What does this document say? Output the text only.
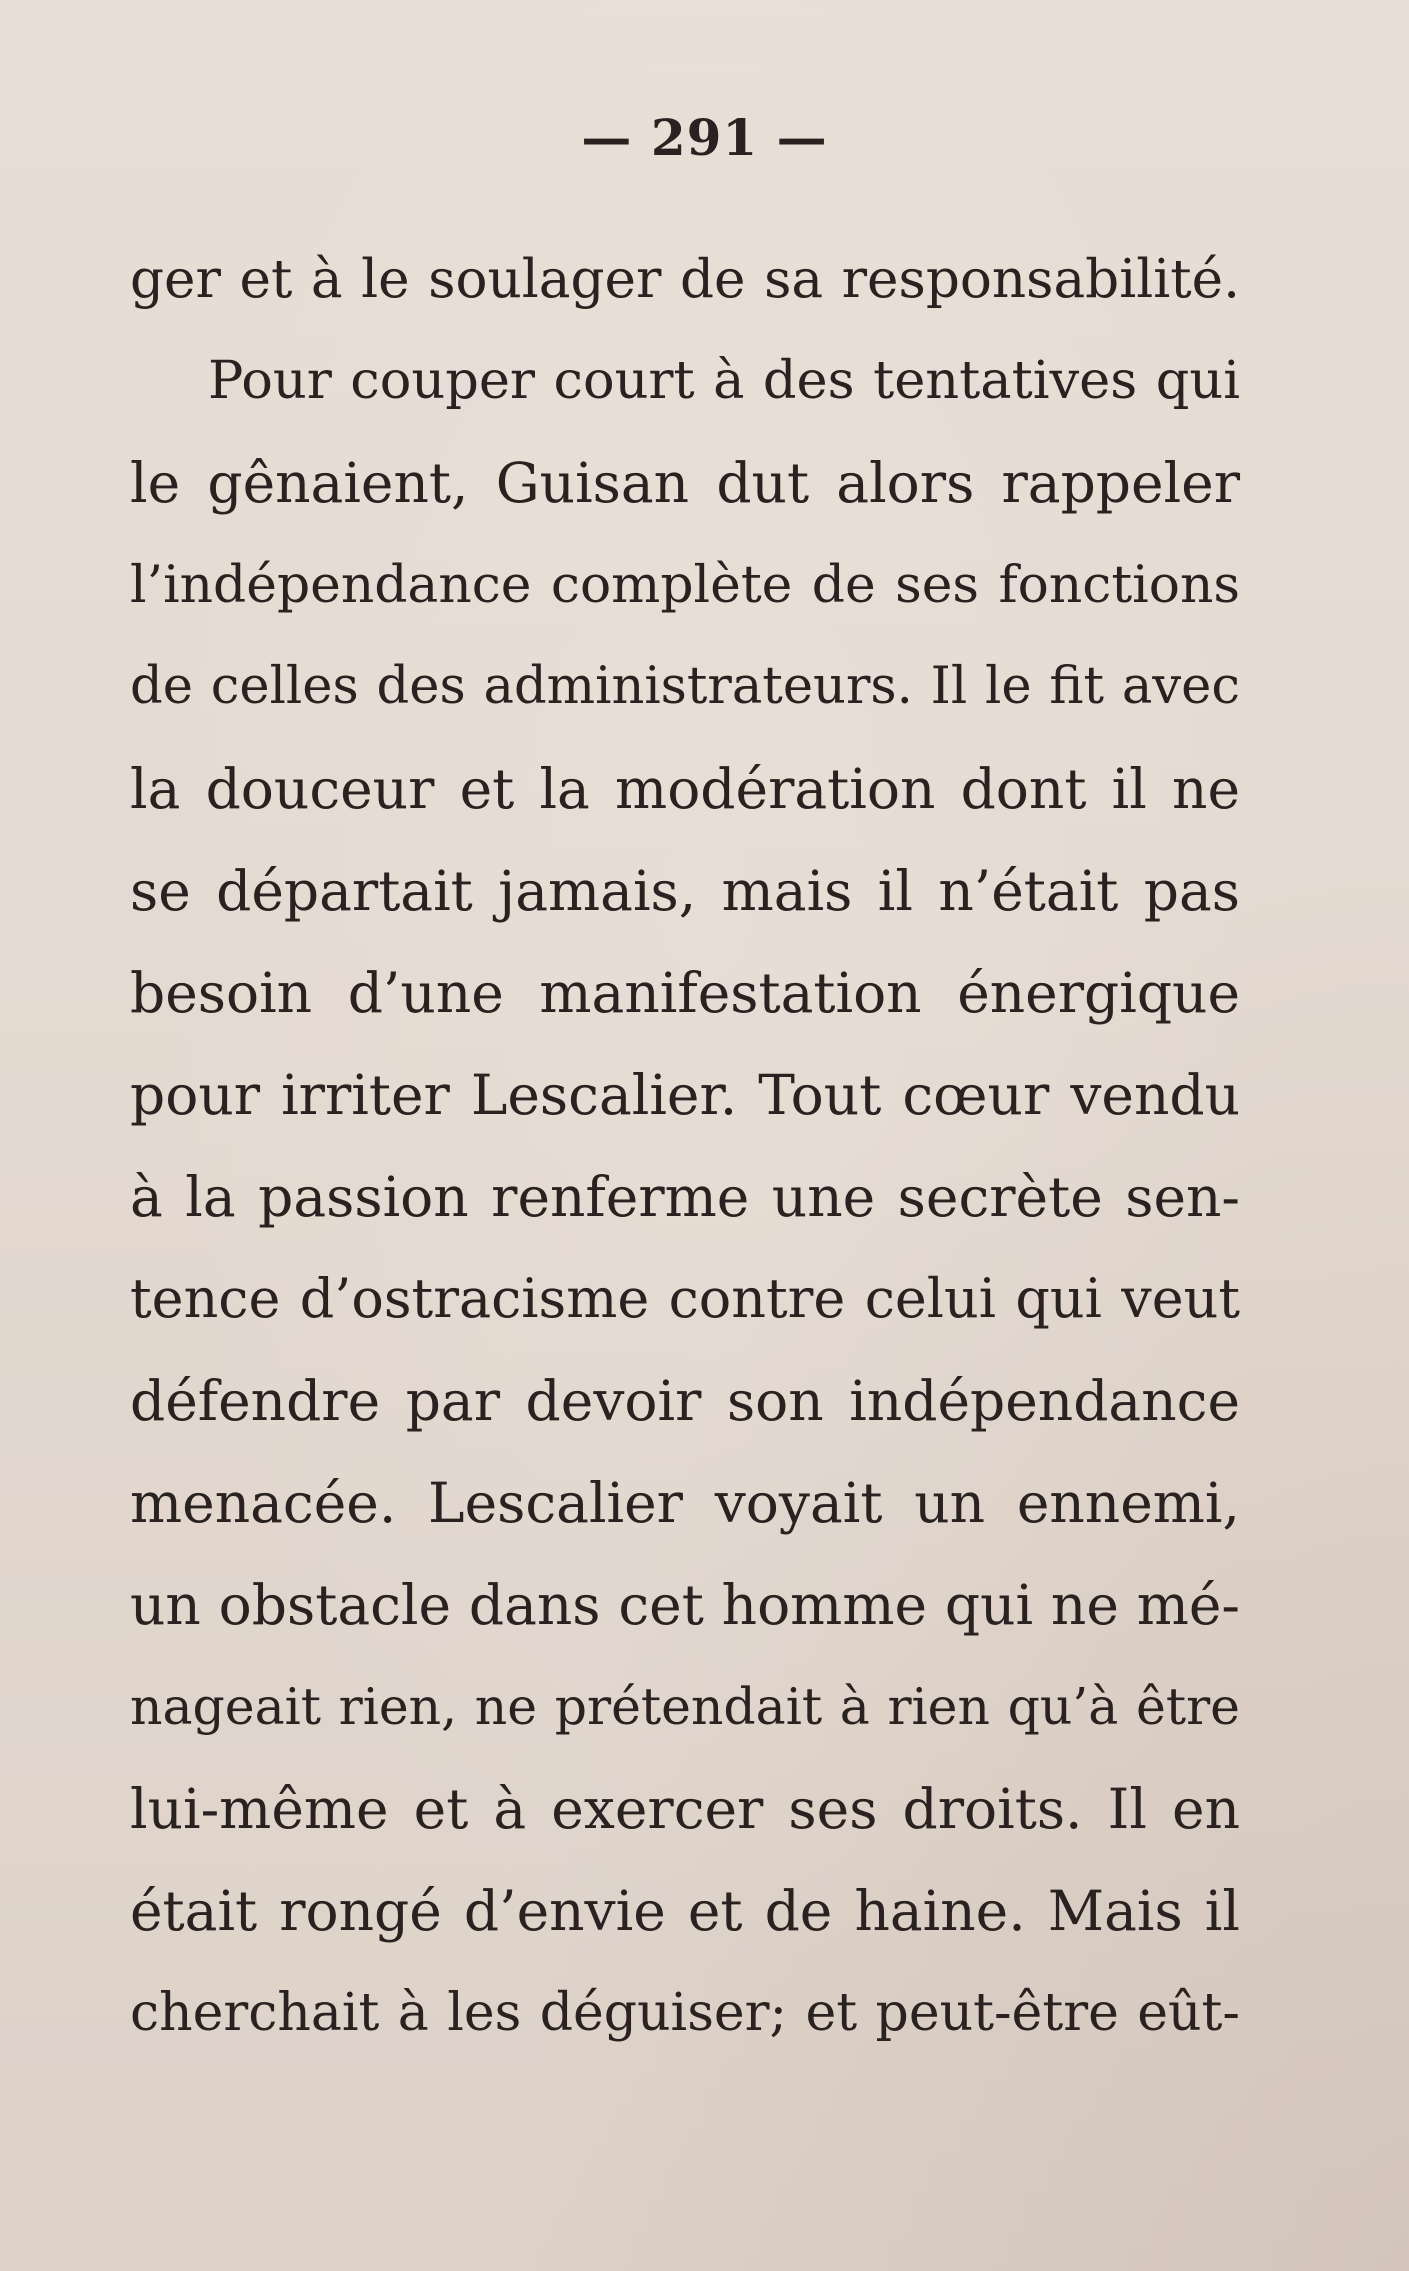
— 291 —
ger et à le soulager de sa responsabilité.
Pour couper court à des tentatives qui
le gênaient, Guisan dut alors rappeler
l’indépendance complète de ses fonctions
de celles des administrateurs. Il le fit avec
la douceur et la modération dont il ne
se départait jamais, mais il n’était pas
besoin d’une manifestation énergique
pour irriter Lescalier. Tout cœur vendu
à la passion renferme une secrète sen-
tence d’ostracisme contre celui qui veut
défendre par devoir son indépendance
menacée. Lescalier voyait un ennemi,
un obstacle dans cet homme qui ne mé-
nageait rien, ne prétendait à rien qu’à être
lui-même et à exercer ses droits. Il en
était rongé d’envie et de haine. Mais il
cherchait à les déguiser; et peut-être eût-
